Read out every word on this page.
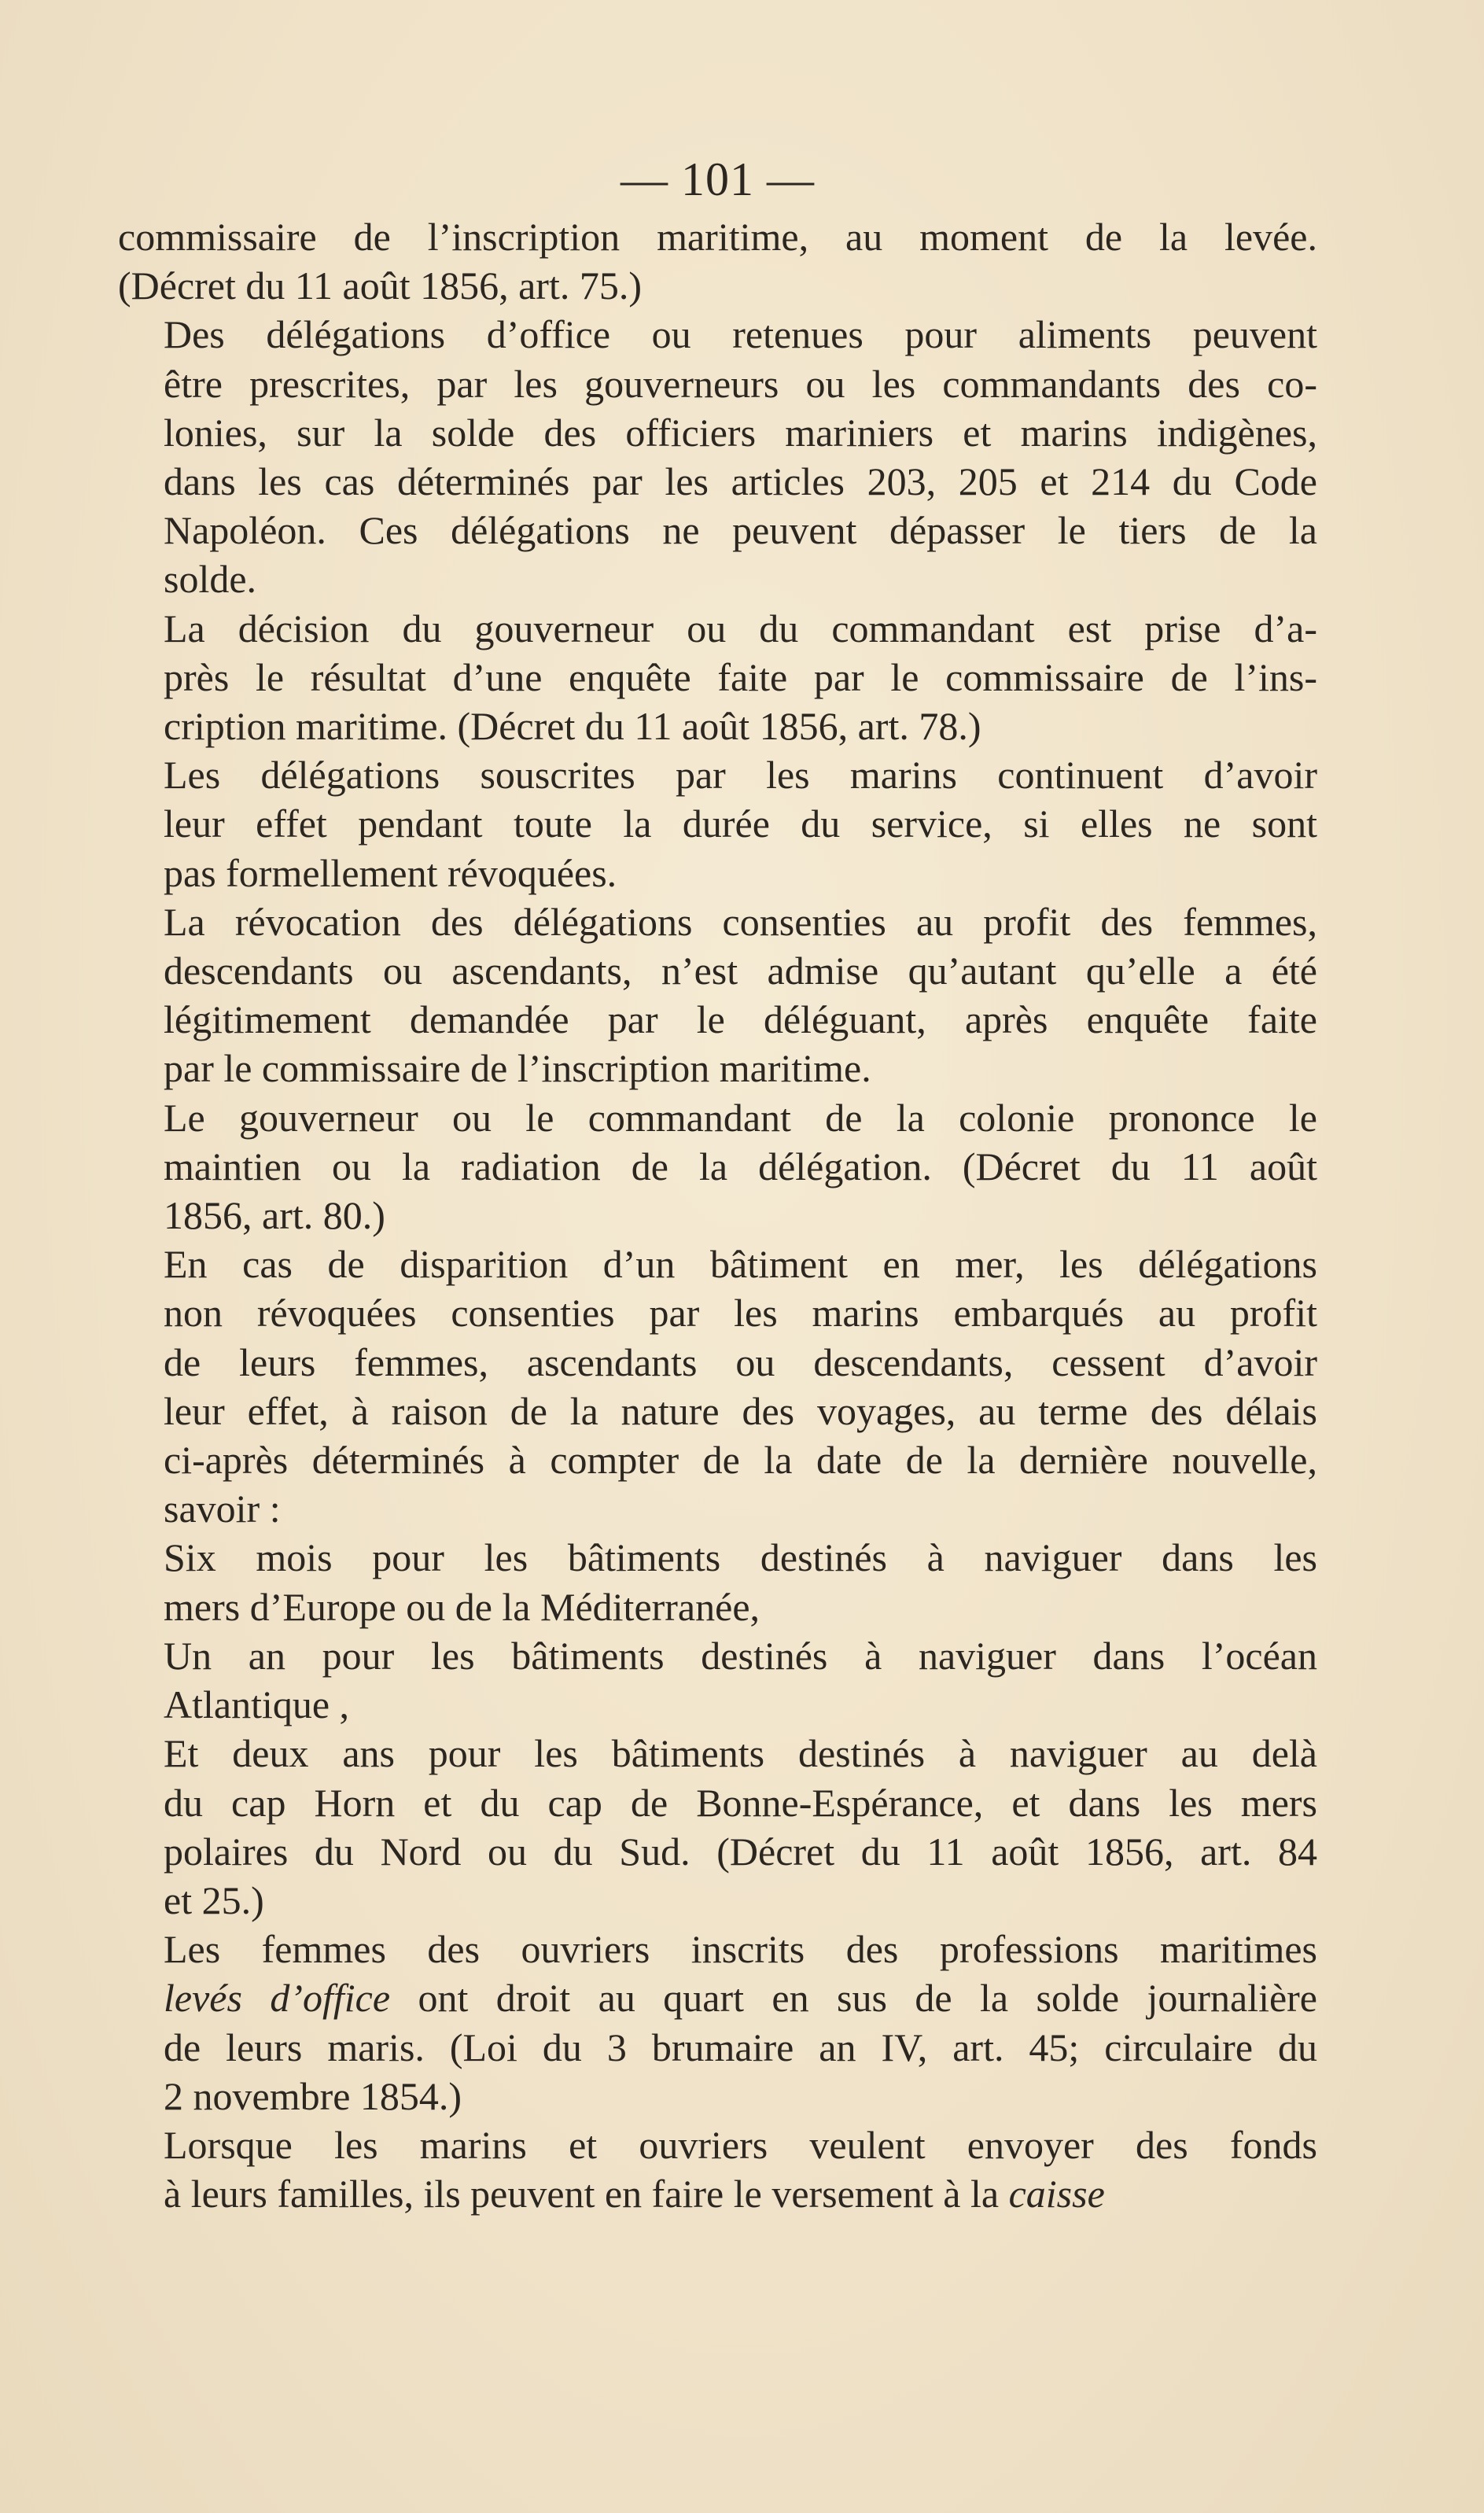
— 101 —
commissaire de l’inscription maritime, au moment de la levée.
(Décret du 11 août 1856, art. 75.)
Des délégations d’office ou retenues pour aliments peuvent
être prescrites, par les gouverneurs ou les commandants des co-
lonies, sur la solde des officiers mariniers et marins indigènes,
dans les cas déterminés par les articles 203, 205 et 214 du Code
Napoléon. Ces délégations ne peuvent dépasser le tiers de la
solde.
La décision du gouverneur ou du commandant est prise d’a-
près le résultat d’une enquête faite par le commissaire de l’ins-
cription maritime. (Décret du 11 août 1856, art. 78.)
Les délégations souscrites par les marins continuent d’avoir
leur effet pendant toute la durée du service, si elles ne sont
pas formellement révoquées.
La révocation des délégations consenties au profit des femmes,
descendants ou ascendants, n’est admise qu’autant qu’elle a été
légitimement demandée par le déléguant, après enquête faite
par le commissaire de l’inscription maritime.
Le gouverneur ou le commandant de la colonie prononce le
maintien ou la radiation de la délégation. (Décret du 11 août
1856, art. 80.)
En cas de disparition d’un bâtiment en mer, les délégations
non révoquées consenties par les marins embarqués au profit
de leurs femmes, ascendants ou descendants, cessent d’avoir
leur effet, à raison de la nature des voyages, au terme des délais
ci-après déterminés à compter de la date de la dernière nouvelle,
savoir :
Six mois pour les bâtiments destinés à naviguer dans les
mers d’Europe ou de la Méditerranée,
Un an pour les bâtiments destinés à naviguer dans l’océan
Atlantique ,
Et deux ans pour les bâtiments destinés à naviguer au delà
du cap Horn et du cap de Bonne-Espérance, et dans les mers
polaires du Nord ou du Sud. (Décret du 11 août 1856, art. 84
et 25.)
Les femmes des ouvriers inscrits des professions maritimes
levés d’office ont droit au quart en sus de la solde journalière
de leurs maris. (Loi du 3 brumaire an IV, art. 45; circulaire du
2 novembre 1854.)
Lorsque les marins et ouvriers veulent envoyer des fonds
à leurs familles, ils peuvent en faire le versement à la caisse
